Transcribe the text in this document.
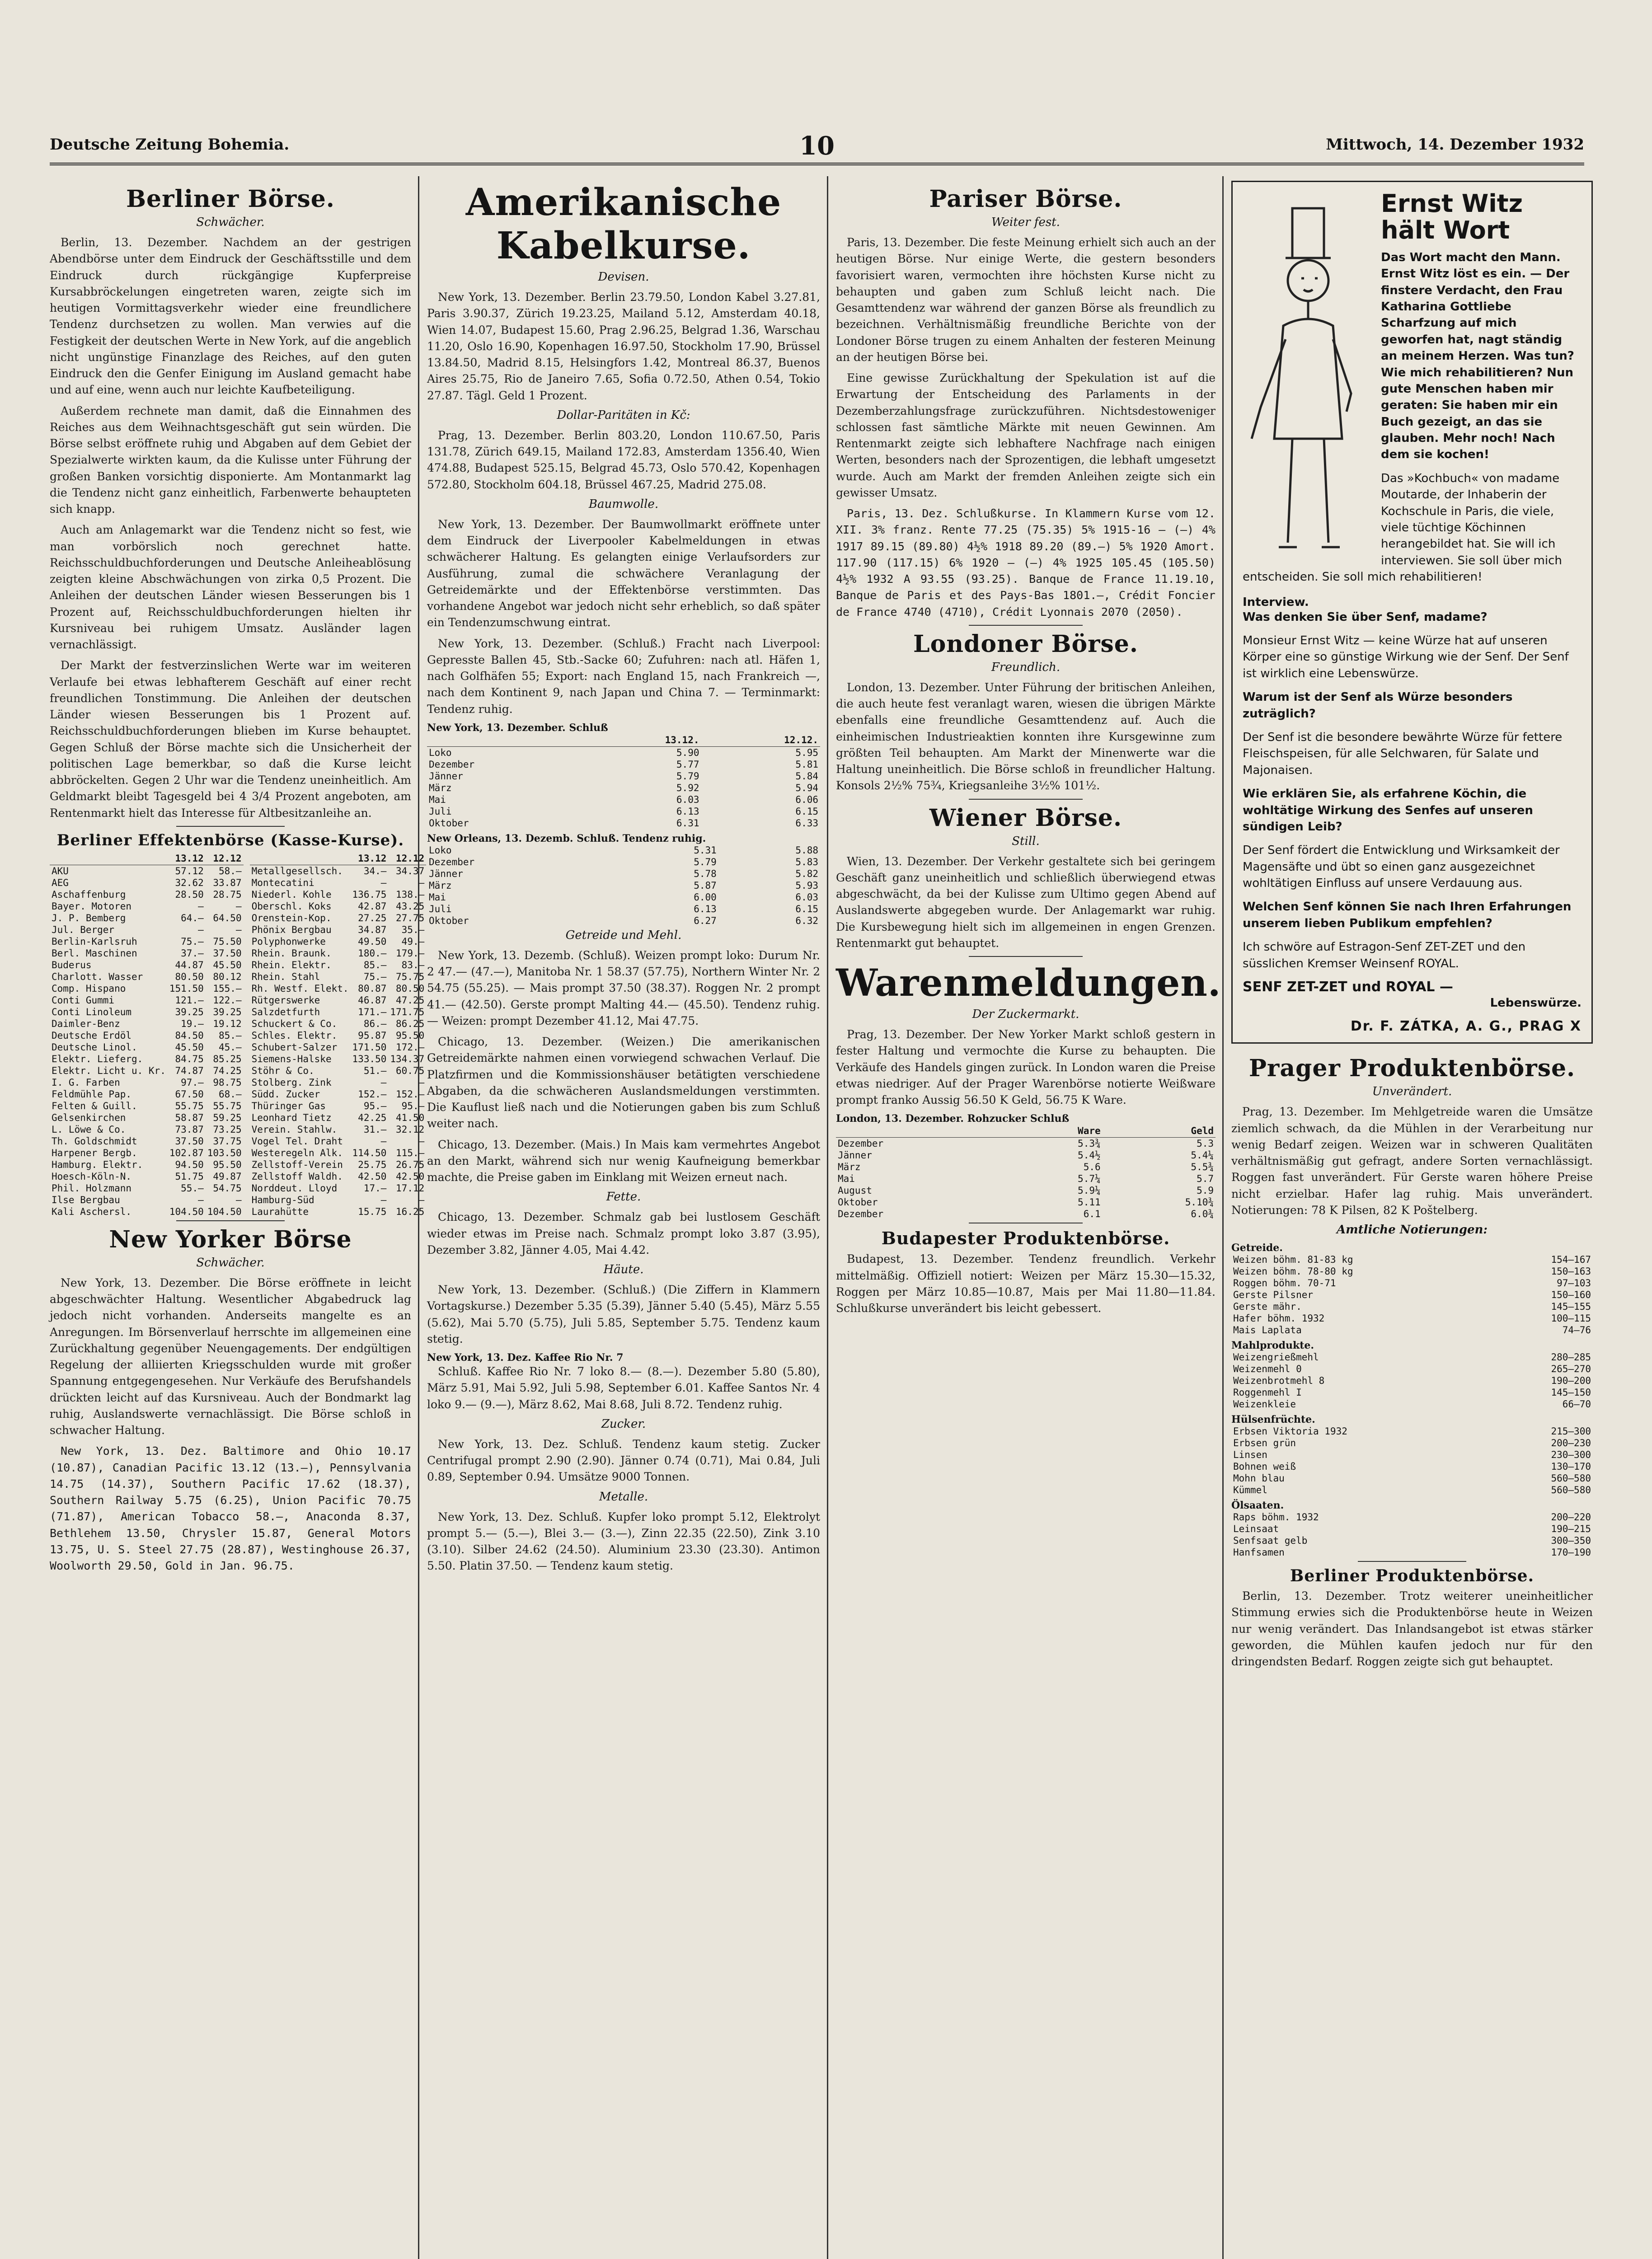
Deutsche Zeitung Bohemia.	10	Mittwoch, 14. Dezember 1932
Berliner Börse.
Schwächer.

Berlin, 13. Dezember. Nachdem an der gestrigen Abendbörse unter dem Eindruck der Geschäftsstille und dem Eindruck durch rückgängige Kupferpreise Kursabbröckelungen eingetreten waren, zeigte sich im heutigen Vormittagsverkehr wieder eine freundlichere Tendenz durchsetzen zu wollen. Man verwies auf die Festigkeit der deutschen Werte in New York, auf die angeblich nicht ungünstige Finanzlage des Reiches, auf den guten Eindruck den die Genfer Einigung im Ausland gemacht habe und auf eine, wenn auch nur leichte Kaufbeteiligung.

Außerdem rechnete man damit, daß die Einnahmen des Reiches aus dem Weihnachtsgeschäft gut sein würden. Die Börse selbst eröffnete ruhig und Abgaben auf dem Gebiet der Spezialwerte wirkten kaum, da die Kulisse unter Führung der großen Banken vorsichtig disponierte. Am Montanmarkt lag die Tendenz nicht ganz einheitlich, Farbenwerte behaupteten sich knapp.

Auch am Anlagemarkt war die Tendenz nicht so fest, wie man vorbörslich noch gerechnet hatte. Reichsschuldbuchforderungen und Deutsche Anleiheablösung zeigten kleine Abschwächungen von zirka 0,5 Prozent. Die Anleihen der deutschen Länder wiesen Besserungen bis 1 Prozent auf, Reichsschuldbuchforderungen hielten ihr Kursniveau bei ruhigem Umsatz. Ausländer lagen vernachlässigt.

Der Markt der festverzinslichen Werte war im weiteren Verlaufe bei etwas lebhafterem Geschäft auf einer recht freundlichen Tonstimmung. Die Anleihen der deutschen Länder wiesen Besserungen bis 1 Prozent auf. Reichsschuldbuchforderungen blieben im Kurse behauptet. Gegen Schluß der Börse machte sich die Unsicherheit der politischen Lage bemerkbar, so daß die Kurse leicht abbröckelten. Gegen 2 Uhr war die Tendenz uneinheitlich. Am Geldmarkt bleibt Tagesgeld bei 4 3/4 Prozent angeboten, am Rentenmarkt hielt das Interesse für Altbesitzanleihe an.

Berliner Effektenbörse (Kasse-Kurse).
	13.12	12.12
AKU	57.12	58.—
AEG	32.62	33.87
Aschaffenburg	28.50	28.75
Bayer. Motoren	—	—
J. P. Bemberg	64.—	64.50
Jul. Berger	—	—
Berlin-Karlsruh	75.—	75.50
Berl. Maschinen	37.—	37.50
Buderus	44.87	45.50
Charlott. Wasser	80.50	80.12
Comp. Hispano	151.50	155.—
Conti Gummi	121.—	122.—
Conti Linoleum	39.25	39.25
Daimler-Benz	19.—	19.12
Deutsche Erdöl	84.50	85.—
Deutsche Linol.	45.50	45.—
Elektr. Lieferg.	84.75	85.25
Elektr. Licht u. Kr.	74.87	74.25
I. G. Farben	97.—	98.75
Feldmühle Pap.	67.50	68.—
Felten & Guill.	55.75	55.75
Gelsenkirchen	58.87	59.25
L. Löwe & Co.	73.87	73.25
Th. Goldschmidt	37.50	37.75
Harpener Bergb.	102.87	103.50
Hamburg. Elektr.	94.50	95.50
Hoesch-Köln-N.	51.75	49.87
Phil. Holzmann	55.—	54.75
Ilse Bergbau	—	—
Kali Aschersl.	104.50	104.50
	13.12	12.12
Metallgesellsch.	34.—	34.37
Montecatini	—	—
Niederl. Kohle	136.75	138.—
Oberschl. Koks	42.87	43.25
Orenstein-Kop.	27.25	27.75
Phönix Bergbau	34.87	35.—
Polyphonwerke	49.50	49.—
Rhein. Braunk.	180.—	179.—
Rhein. Elektr.	85.—	83.—
Rhein. Stahl	75.—	75.75
Rh. Westf. Elekt.	80.87	80.50
Rütgerswerke	46.87	47.25
Salzdetfurth	171.—	171.75
Schuckert & Co.	86.—	86.25
Schles. Elektr.	95.87	95.50
Schubert-Salzer	171.50	172.—
Siemens-Halske	133.50	134.37
Stöhr & Co.	51.—	60.75
Stolberg. Zink	—	—
Südd. Zucker	152.—	152.—
Thüringer Gas	95.—	95.—
Leonhard Tietz	42.25	41.50
Verein. Stahlw.	31.—	32.12
Vogel Tel. Draht	—	—
Westeregeln Alk.	114.50	115.—
Zellstoff-Verein	25.75	26.75
Zellstoff Waldh.	42.50	42.50
Norddeut. Lloyd	17.—	17.12
Hamburg-Süd	—	—
Laurahütte	15.75	16.25
New Yorker Börse
Schwächer.

New York, 13. Dezember. Die Börse eröffnete in leicht abgeschwächter Haltung. Wesentlicher Abgabedruck lag jedoch nicht vorhanden. Anderseits mangelte es an Anregungen. Im Börsenverlauf herrschte im allgemeinen eine Zurückhaltung gegenüber Neuengagements. Der endgültigen Regelung der alliierten Kriegsschulden wurde mit großer Spannung entgegengesehen. Nur Verkäufe des Berufshandels drückten leicht auf das Kursniveau. Auch der Bondmarkt lag ruhig, Auslandswerte vernachlässigt. Die Börse schloß in schwacher Haltung.

New York, 13. Dez. Baltimore and Ohio 10.17 (10.87), Canadian Pacific 13.12 (13.—), Pennsylvania 14.75 (14.37), Southern Pacific 17.62 (18.37), Southern Railway 5.75 (6.25), Union Pacific 70.75 (71.87), American Tobacco 58.—, Anaconda 8.37, Bethlehem 13.50, Chrysler 15.87, General Motors 13.75, U. S. Steel 27.75 (28.87), Westinghouse 26.37, Woolworth 29.50, Gold in Jan. 96.75.

Amerikanische Kabelkurse.
Devisen.

New York, 13. Dezember. Berlin 23.79.50, London Kabel 3.27.81, Paris 3.90.37, Zürich 19.23.25, Mailand 5.12, Amsterdam 40.18, Wien 14.07, Budapest 15.60, Prag 2.96.25, Belgrad 1.36, Warschau 11.20, Oslo 16.90, Kopenhagen 16.97.50, Stockholm 17.90, Brüssel 13.84.50, Madrid 8.15, Helsingfors 1.42, Montreal 86.37, Buenos Aires 25.75, Rio de Janeiro 7.65, Sofia 0.72.50, Athen 0.54, Tokio 27.87. Tägl. Geld 1 Prozent.

Dollar-Paritäten in Kč:

Prag, 13. Dezember. Berlin 803.20, London 110.67.50, Paris 131.78, Zürich 649.15, Mailand 172.83, Amsterdam 1356.40, Wien 474.88, Budapest 525.15, Belgrad 45.73, Oslo 570.42, Kopenhagen 572.80, Stockholm 604.18, Brüssel 467.25, Madrid 275.08.

Baumwolle.

New York, 13. Dezember. Der Baumwollmarkt eröffnete unter dem Eindruck der Liverpooler Kabelmeldungen in etwas schwächerer Haltung. Es gelangten einige Verlaufsorders zur Ausführung, zumal die schwächere Veranlagung der Getreidemärkte und der Effektenbörse verstimmten. Das vorhandene Angebot war jedoch nicht sehr erheblich, so daß später ein Tendenzumschwung eintrat.

New York, 13. Dezember. (Schluß.) Fracht nach Liverpool: Gepresste Ballen 45, Stb.-Sacke 60; Zufuhren: nach atl. Häfen 1, nach Golfhäfen 55; Export: nach England 15, nach Frankreich —, nach dem Kontinent 9, nach Japan und China 7. — Terminmarkt: Tendenz ruhig.

New York, 13. Dezember. Schluß
	13.12.	12.12.
Loko	5.90	5.95
Dezember	5.77	5.81
Jänner	5.79	5.84
März	5.92	5.94
Mai	6.03	6.06
Juli	6.13	6.15
Oktober	6.31	6.33
New Orleans, 13. Dezemb. Schluß. Tendenz ruhig.
Loko	5.31	5.88
Dezember	5.79	5.83
Jänner	5.78	5.82
März	5.87	5.93
Mai	6.00	6.03
Juli	6.13	6.15
Oktober	6.27	6.32
Getreide und Mehl.

New York, 13. Dezemb. (Schluß). Weizen prompt loko: Durum Nr. 2 47.— (47.—), Manitoba Nr. 1 58.37 (57.75), Northern Winter Nr. 2 54.75 (55.25). — Mais prompt 37.50 (38.37). Roggen Nr. 2 prompt 41.— (42.50). Gerste prompt Malting 44.— (45.50). Tendenz ruhig. — Weizen: prompt Dezember 41.12, Mai 47.75.

Chicago, 13. Dezember. (Weizen.) Die amerikanischen Getreidemärkte nahmen einen vorwiegend schwachen Verlauf. Die Platzfirmen und die Kommissionshäuser betätigten verschiedene Abgaben, da die schwächeren Auslandsmeldungen verstimmten. Die Kauflust ließ nach und die Notierungen gaben bis zum Schluß weiter nach.

Chicago, 13. Dezember. (Mais.) In Mais kam vermehrtes Angebot an den Markt, während sich nur wenig Kaufneigung bemerkbar machte, die Preise gaben im Einklang mit Weizen erneut nach.

Fette.

Chicago, 13. Dezember. Schmalz gab bei lustlosem Geschäft wieder etwas im Preise nach. Schmalz prompt loko 3.87 (3.95), Dezember 3.82, Jänner 4.05, Mai 4.42.

Häute.

New York, 13. Dezember. (Schluß.) (Die Ziffern in Klammern Vortagskurse.) Dezember 5.35 (5.39), Jänner 5.40 (5.45), März 5.55 (5.62), Mai 5.70 (5.75), Juli 5.85, September 5.75. Tendenz kaum stetig.

New York, 13. Dez. Kaffee Rio Nr. 7

Schluß. Kaffee Rio Nr. 7 loko 8.— (8.—). Dezember 5.80 (5.80), März 5.91, Mai 5.92, Juli 5.98, September 6.01. Kaffee Santos Nr. 4 loko 9.— (9.—), März 8.62, Mai 8.68, Juli 8.72. Tendenz ruhig.

Zucker.

New York, 13. Dez. Schluß. Tendenz kaum stetig. Zucker Centrifugal prompt 2.90 (2.90). Jänner 0.74 (0.71), Mai 0.84, Juli 0.89, September 0.94. Umsätze 9000 Tonnen.

Metalle.

New York, 13. Dez. Schluß. Kupfer loko prompt 5.12, Elektrolyt prompt 5.— (5.—), Blei 3.— (3.—), Zinn 22.35 (22.50), Zink 3.10 (3.10). Silber 24.62 (24.50). Aluminium 23.30 (23.30). Antimon 5.50. Platin 37.50. — Tendenz kaum stetig.

Pariser Börse.
Weiter fest.

Paris, 13. Dezember. Die feste Meinung erhielt sich auch an der heutigen Börse. Nur einige Werte, die gestern besonders favorisiert waren, vermochten ihre höchsten Kurse nicht zu behaupten und gaben zum Schluß leicht nach. Die Gesamttendenz war während der ganzen Börse als freundlich zu bezeichnen. Verhältnismäßig freundliche Berichte von der Londoner Börse trugen zu einem Anhalten der festeren Meinung an der heutigen Börse bei.

Eine gewisse Zurückhaltung der Spekulation ist auf die Erwartung der Entscheidung des Parlaments in der Dezemberzahlungsfrage zurückzuführen. Nichtsdestoweniger schlossen fast sämtliche Märkte mit neuen Gewinnen. Am Rentenmarkt zeigte sich lebhaftere Nachfrage nach einigen Werten, besonders nach der Sprozentigen, die lebhaft umgesetzt wurde. Auch am Markt der fremden Anleihen zeigte sich ein gewisser Umsatz.

Paris, 13. Dez. Schlußkurse. In Klammern Kurse vom 12. XII. 3% franz. Rente 77.25 (75.35) 5% 1915-16 — (—) 4% 1917 89.15 (89.80) 4½% 1918 89.20 (89.—) 5% 1920 Amort. 117.90 (117.15) 6% 1920 — (—) 4% 1925 105.45 (105.50) 4½% 1932 A 93.55 (93.25). Banque de France 11.19.10, Banque de Paris et des Pays-Bas 1801.—, Crédit Foncier de France 4740 (4710), Crédit Lyonnais 2070 (2050).

Londoner Börse.
Freundlich.

London, 13. Dezember. Unter Führung der britischen Anleihen, die auch heute fest veranlagt waren, wiesen die übrigen Märkte ebenfalls eine freundliche Gesamttendenz auf. Auch die einheimischen Industrieaktien konnten ihre Kursgewinne zum größten Teil behaupten. Am Markt der Minenwerte war die Haltung uneinheitlich. Die Börse schloß in freundlicher Haltung. Konsols 2½% 75¾, Kriegsanleihe 3½% 101½.

Wiener Börse.
Still.

Wien, 13. Dezember. Der Verkehr gestaltete sich bei geringem Geschäft ganz uneinheitlich und schließlich überwiegend etwas abgeschwächt, da bei der Kulisse zum Ultimo gegen Abend auf Auslandswerte abgegeben wurde. Der Anlagemarkt war ruhig. Die Kursbewegung hielt sich im allgemeinen in engen Grenzen. Rentenmarkt gut behauptet.

Warenmeldungen.
Der Zuckermarkt.

Prag, 13. Dezember. Der New Yorker Markt schloß gestern in fester Haltung und vermochte die Kurse zu behaupten. Die Verkäufe des Handels gingen zurück. In London waren die Preise etwas niedriger. Auf der Prager Warenbörse notierte Weißware prompt franko Aussig 56.50 K Geld, 56.75 K Ware.

London, 13. Dezember. Rohzucker Schluß
	Ware	Geld
Dezember	5.3¾	5.3
Jänner	5.4½	5.4¼
März	5.6	5.5¾
Mai	5.7¼	5.7
August	5.9¼	5.9
Oktober	5.11	5.10¾
Dezember	6.1	6.0¾
Budapester Produktenbörse.

Budapest, 13. Dezember. Tendenz freundlich. Verkehr mittelmäßig. Offiziell notiert: Weizen per März 15.30—15.32, Roggen per März 10.85—10.87, Mais per Mai 11.80—11.84. Schlußkurse unverändert bis leicht gebessert.

Ernst Witz hält Wort

Das Wort macht den Mann. Ernst Witz löst es ein. — Der finstere Verdacht, den Frau Katharina Gottliebe Scharfzung auf mich geworfen hat, nagt ständig an meinem Herzen. Was tun? Wie mich rehabilitieren? Nun gute Menschen haben mir geraten: Sie haben mir ein Buch gezeigt, an das sie glauben. Mehr noch! Nach dem sie kochen!

Das »Kochbuch« von madame Moutarde, der Inhaberin der Kochschule in Paris, die viele, viele tüchtige Köchinnen herangebildet hat. Sie will ich interviewen. Sie soll über mich entscheiden. Sie soll mich rehabilitieren!

Interview.

Was denken Sie über Senf, madame?

Monsieur Ernst Witz — keine Würze hat auf unseren Körper eine so günstige Wirkung wie der Senf. Der Senf ist wirklich eine Lebenswürze.

Warum ist der Senf als Würze besonders zuträglich?

Der Senf ist die besondere bewährte Würze für fettere Fleischspeisen, für alle Selchwaren, für Salate und Majonaisen.

Wie erklären Sie, als erfahrene Köchin, die wohltätige Wirkung des Senfes auf unseren sündigen Leib?

Der Senf fördert die Entwicklung und Wirksamkeit der Magensäfte und übt so einen ganz ausgezeichnet wohltätigen Einfluss auf unsere Verdauung aus.

Welchen Senf können Sie nach Ihren Erfahrungen unserem lieben Publikum empfehlen?

Ich schwöre auf Estragon-Senf ZET-ZET und den süsslichen Kremser Weinsenf ROYAL.

SENF ZET-ZET und ROYAL —
Lebenswürze.
Dr. F. ZÁTKA, A. G., PRAG X
Prager Produktenbörse.
Unverändert.

Prag, 13. Dezember. Im Mehlgetreide waren die Umsätze ziemlich schwach, da die Mühlen in der Verarbeitung nur wenig Bedarf zeigen. Weizen war in schweren Qualitäten verhältnismäßig gut gefragt, andere Sorten vernachlässigt. Roggen fast unverändert. Für Gerste waren höhere Preise nicht erzielbar. Hafer lag ruhig. Mais unverändert. Notierungen: 78 K Pilsen, 82 K Poštelberg.

Amtliche Notierungen:
Getreide.
Weizen böhm. 81-83 kg	154—167
Weizen böhm. 78-80 kg	150—163
Roggen böhm. 70-71	97—103
Gerste Pilsner	150—160
Gerste mähr.	145—155
Hafer böhm. 1932	100—115
Mais Laplata	74—76
Mahlprodukte.
Weizengrießmehl	280—285
Weizenmehl 0	265—270
Weizenbrotmehl 8	190—200
Roggenmehl I	145—150
Weizenkleie	66—70
Hülsenfrüchte.
Erbsen Viktoria 1932	215—300
Erbsen grün	200—230
Linsen	230—300
Bohnen weiß	130—170
Mohn blau	560—580
Kümmel	560—580
Ölsaaten.
Raps böhm. 1932	200—220
Leinsaat	190—215
Senfsaat gelb	300—350
Hanfsamen	170—190
Berliner Produktenbörse.

Berlin, 13. Dezember. Trotz weiterer uneinheitlicher Stimmung erwies sich die Produktenbörse heute in Weizen nur wenig verändert. Das Inlandsangebot ist etwas stärker geworden, die Mühlen kaufen jedoch nur für den dringendsten Bedarf. Roggen zeigte sich gut behauptet.
